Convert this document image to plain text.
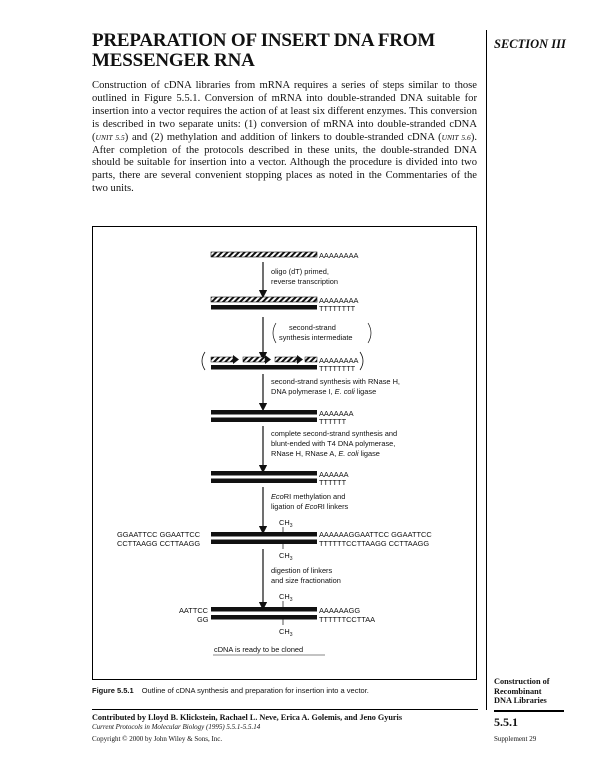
PREPARATION OF INSERT DNA FROM
MESSENGER RNA
SECTION III
Construction of cDNA libraries from mRNA requires a series of steps similar to those outlined in Figure 5.5.1. Conversion of mRNA into double-stranded DNA suitable for insertion into a vector requires the action of at least six different enzymes. This conversion is described in two separate units: (1) conversion of mRNA into double-stranded cDNA (UNIT 5.5) and (2) methylation and addition of linkers to double-stranded cDNA (UNIT 5.6). After completion of the protocols described in these units, the double-stranded DNA should be suitable for insertion into a vector. Although the procedure is divided into two parts, there are several convenient stopping places as noted in the Commentaries of the two units.
AAAAAAAA
oligo (dT) primed,
reverse transcription
AAAAAAAA
TTTTTTTT
second-strand
synthesis intermediate
AAAAAAAA
TTTTTTTT
second-strand synthesis with RNase H,
DNA polymerase I, E. coli ligase
AAAAAAA
TTTTTT
complete second-strand synthesis and
blunt-ended with T4 DNA polymerase,
RNase H, RNase A, E. coli ligase
AAAAAA
TTTTTT
EcoRI methylation and
ligation of EcoRI linkers
$CH_3$
GGAATTCC GGAATTCC	AAAAAAGGAATTCC GGAATTCC
CCTTAAGG CCTTAAGG	TTTTTTCCTTAAGG CCTTAAGG
$CH_3$
digestion of linkers
and size fractionation
$CH_3$
AATTCC	AAAAAAGG
GG	TTTTTTCCTTAA
$CH_3$
cDNA is ready to be cloned
Figure 5.5.1 Outline of cDNA synthesis and preparation for insertion into a vector.
Contributed by Lloyd B. Klickstein, Rachael L. Neve, Erica A. Golemis, and Jeno Gyuris
Current Protocols in Molecular Biology (1995) 5.5.1-5.5.14
Copyright © 2000 by John Wiley & Sons, Inc.
Construction of
Recombinant
DNA Libraries
5.5.1
Supplement 29
